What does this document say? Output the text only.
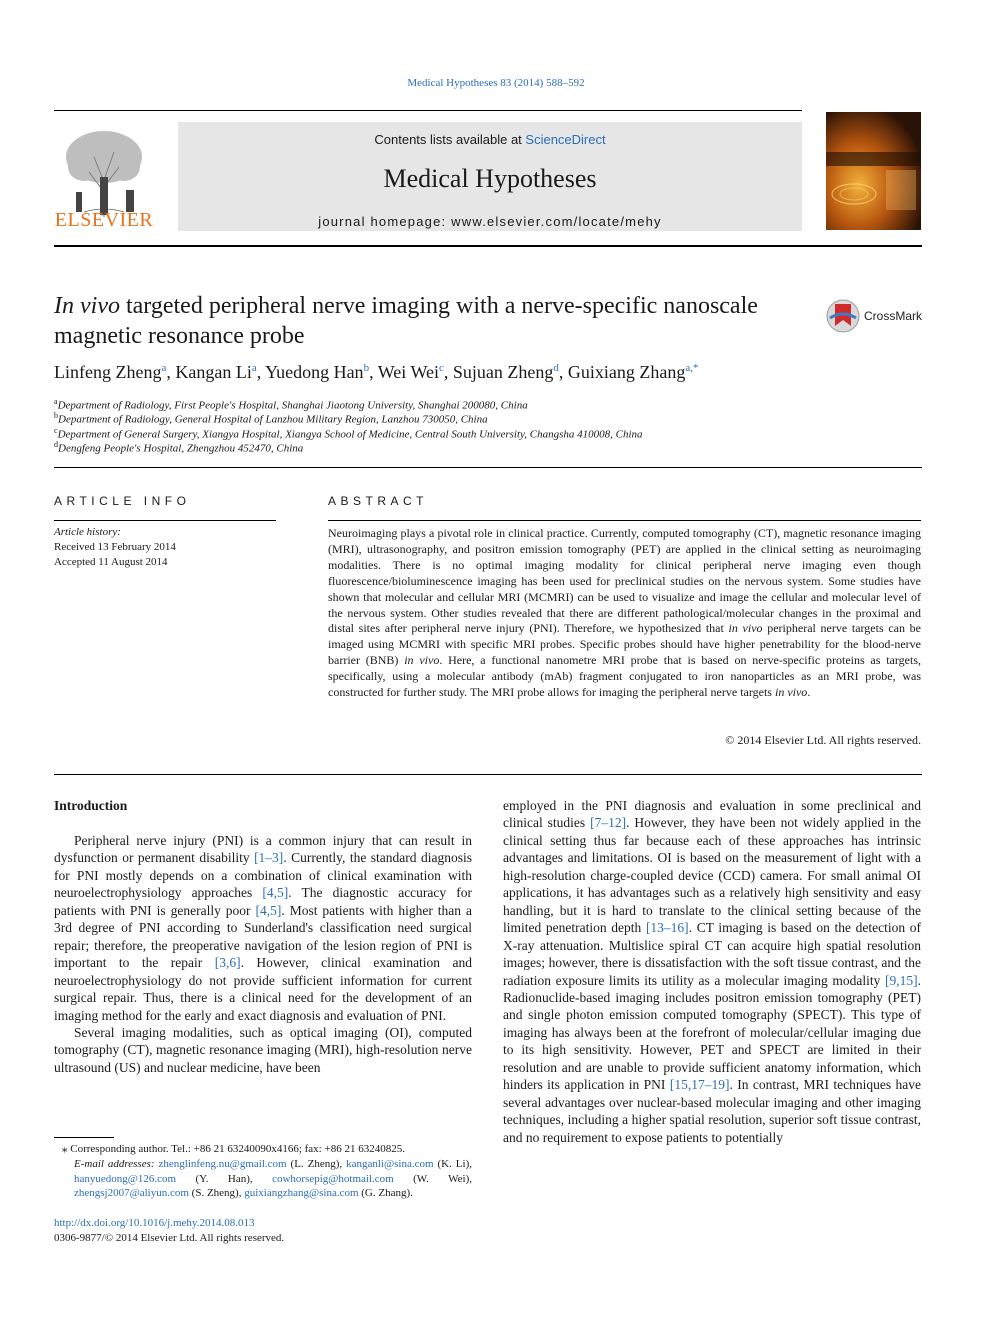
Medical Hypotheses 83 (2014) 588–592
ELSEVIER
Contents lists available at ScienceDirect
Medical Hypotheses
journal homepage: www.elsevier.com/locate/mehy
In vivo targeted peripheral nerve imaging with a nerve-specific nanoscale magnetic resonance probe
CrossMark
Linfeng Zheng$^a$, Kangan Li$^a$, Yuedong Han$^b$, Wei Wei$^c$, Sujuan Zheng$^d$, Guixiang Zhang$^{a,*}$
$^a$Department of Radiology, First People's Hospital, Shanghai Jiaotong University, Shanghai 200080, China
$^b$Department of Radiology, General Hospital of Lanzhou Military Region, Lanzhou 730050, China
$^c$Department of General Surgery, Xiangya Hospital, Xiangya School of Medicine, Central South University, Changsha 410008, China
$^d$Dengfeng People's Hospital, Zhengzhou 452470, China
ARTICLE INFO
Article history:
Received 13 February 2014
Accepted 11 August 2014
ABSTRACT
Neuroimaging plays a pivotal role in clinical practice. Currently, computed tomography (CT), magnetic resonance imaging (MRI), ultrasonography, and positron emission tomography (PET) are applied in the clinical setting as neuroimaging modalities. There is no optimal imaging modality for clinical peripheral nerve imaging even though fluorescence/bioluminescence imaging has been used for preclinical studies on the nervous system. Some studies have shown that molecular and cellular MRI (MCMRI) can be used to visualize and image the cellular and molecular level of the nervous system. Other studies revealed that there are different pathological/molecular changes in the proximal and distal sites after peripheral nerve injury (PNI). Therefore, we hypothesized that in vivo peripheral nerve targets can be imaged using MCMRI with specific MRI probes. Specific probes should have higher penetrability for the blood-nerve barrier (BNB) in vivo. Here, a functional nanometre MRI probe that is based on nerve-specific proteins as targets, specifically, using a molecular antibody (mAb) fragment conjugated to iron nanoparticles as an MRI probe, was constructed for further study. The MRI probe allows for imaging the peripheral nerve targets in vivo.
© 2014 Elsevier Ltd. All rights reserved.
Introduction

Peripheral nerve injury (PNI) is a common injury that can result in dysfunction or permanent disability [1–3]. Currently, the standard diagnosis for PNI mostly depends on a combination of clinical examination with neuroelectrophysiology approaches [4,5]. The diagnostic accuracy for patients with PNI is generally poor [4,5]. Most patients with higher than a 3rd degree of PNI according to Sunderland's classification need surgical repair; therefore, the preoperative navigation of the lesion region of PNI is important to the repair [3,6]. However, clinical examination and neuroelectrophysiology do not provide sufficient information for current surgical repair. Thus, there is a clinical need for the development of an imaging method for the early and exact diagnosis and evaluation of PNI.

Several imaging modalities, such as optical imaging (OI), computed tomography (CT), magnetic resonance imaging (MRI), high-resolution nerve ultrasound (US) and nuclear medicine, have been

employed in the PNI diagnosis and evaluation in some preclinical and clinical studies [7–12]. However, they have been not widely applied in the clinical setting thus far because each of these approaches has intrinsic advantages and limitations. OI is based on the measurement of light with a high-resolution charge-coupled device (CCD) camera. For small animal OI applications, it has advantages such as a relatively high sensitivity and easy handling, but it is hard to translate to the clinical setting because of the limited penetration depth [13–16]. CT imaging is based on the detection of X-ray attenuation. Multislice spiral CT can acquire high spatial resolution images; however, there is dissatisfaction with the soft tissue contrast, and the radiation exposure limits its utility as a molecular imaging modality [9,15]. Radionuclide-based imaging includes positron emission tomography (PET) and single photon emission computed tomography (SPECT). This type of imaging has always been at the forefront of molecular/cellular imaging due to its high sensitivity. However, PET and SPECT are limited in their resolution and are unable to provide sufficient anatomy information, which hinders its application in PNI [15,17–19]. In contrast, MRI techniques have several advantages over nuclear-based molecular imaging and other imaging techniques, including a higher spatial resolution, superior soft tissue contrast, and no requirement to expose patients to potentially

⁎ Corresponding author. Tel.: +86 21 63240090x4166; fax: +86 21 63240825.
E-mail addresses: zhenglinfeng.nu@gmail.com (L. Zheng), kanganli@sina.com (K. Li), hanyuedong@126.com (Y. Han), cowhorsepig@hotmail.com (W. Wei), zhengsj2007@aliyun.com (S. Zheng), guixiangzhang@sina.com (G. Zhang).
http://dx.doi.org/10.1016/j.mehy.2014.08.013
0306-9877/© 2014 Elsevier Ltd. All rights reserved.
